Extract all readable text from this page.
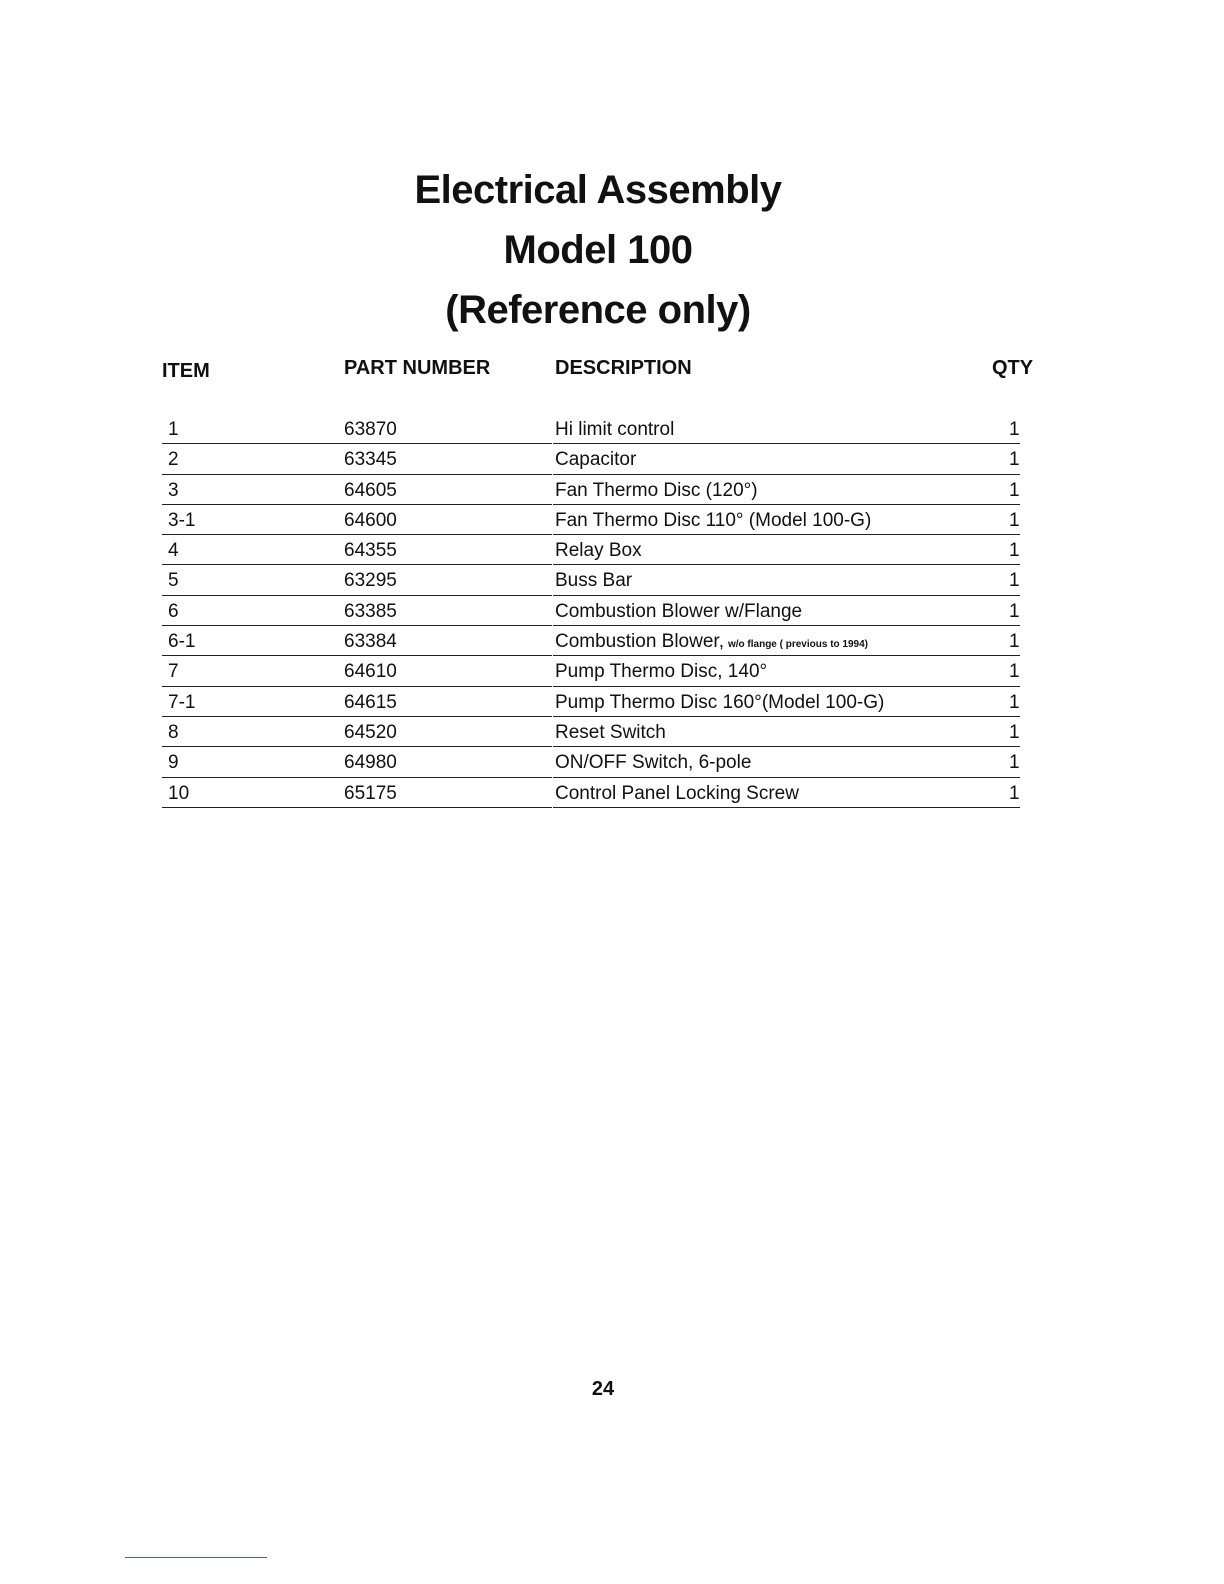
Electrical Assembly
Model 100
(Reference only)
ITEM	PART NUMBER	DESCRIPTION	QTY
1	63870	Hi limit control	1
2	63345	Capacitor	1
3	64605	Fan Thermo Disc (120°)	1
3-1	64600	Fan Thermo Disc 110° (Model 100-G)	1
4	64355	Relay Box	1
5	63295	Buss Bar	1
6	63385	Combustion Blower w/Flange	1
6-1	63384	Combustion Blower, w/o flange ( previous to 1994)	1
7	64610	Pump Thermo Disc, 140°	1
7-1	64615	Pump Thermo Disc 160°(Model 100-G)	1
8	64520	Reset Switch	1
9	64980	ON/OFF Switch, 6-pole	1
10	65175	Control Panel Locking Screw	1
24
